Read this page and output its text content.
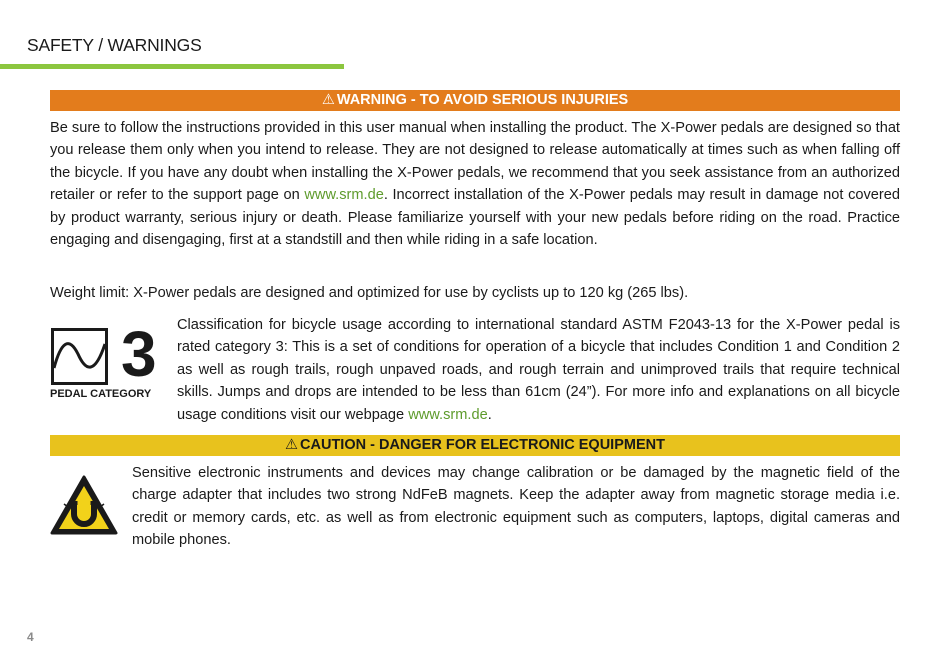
SAFETY / WARNINGS
⚠ WARNING - TO AVOID SERIOUS INJURIES
Be sure to follow the instructions provided in this user manual when installing the product. The X-Power pedals are designed so that you release them only when you intend to release. They are not designed to release automatically at times such as when falling off the bicycle. If you have any doubt when installing the X-Power pedals, we recommend that you seek assistance from an authorized retailer or refer to the support page on www.srm.de. Incorrect installation of the X-Power pedals may result in damage not covered by product warranty, serious injury or death. Please familiarize yourself with your new pedals before riding on the road. Practice engaging and disengaging, first at a standstill and then while riding in a safe location.
Weight limit: X-Power pedals are designed and optimized for use by cyclists up to 120 kg (265 lbs).
3
PEDAL CATEGORY
Classification for bicycle usage according to international standard ASTM F2043-13 for the X-Power pedal is rated category 3: This is a set of conditions for operation of a bicycle that includes Condition 1 and Condition 2 as well as rough trails, rough unpaved roads, and rough terrain and unimproved trails that require technical skills. Jumps and drops are intended to be less than 61cm (24”). For more info and explanations on all bicycle usage conditions visit our webpage www.srm.de.
⚠ CAUTION - DANGER FOR ELECTRONIC EQUIPMENT
Sensitive electronic instruments and devices may change calibration or be damaged by the magnetic field of the charge adapter that includes two strong NdFeB magnets. Keep the adapter away from magnetic storage media i.e. credit or memory cards, etc. as well as from electronic equipment such as computers, laptops, digital cameras and mobile phones.
4
